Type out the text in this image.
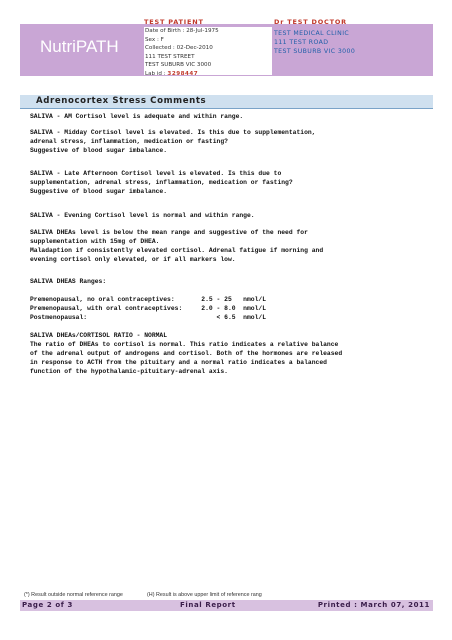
NutriPATH
TEST PATIENT
Date of Birth : 28-Jul-1975
Sex : F
Collected : 02-Dec-2010
111 TEST STREET
TEST SUBURB VIC 3000
Lab id : 3298447
Dr TEST DOCTOR
TEST MEDICAL CLINIC
111 TEST ROAD
TEST SUBURB VIC 3000
Adrenocortex Stress Comments
SALIVA - AM Cortisol level is adequate and within range.
SALIVA - Midday Cortisol level is elevated. Is this due to supplementation,
adrenal stress, inflammation, medication or fasting?
Suggestive of blood sugar imbalance.
SALIVA - Late Afternoon Cortisol level is elevated. Is this due to
supplementation, adrenal stress, inflammation, medication or fasting?
Suggestive of blood sugar imbalance.
SALIVA - Evening Cortisol level is normal and within range.
SALIVA DHEAs level is below the mean range and suggestive of the need for
supplementation with 15mg of DHEA.
Maladaption if consistently elevated cortisol. Adrenal fatigue if morning and
evening cortisol only elevated, or if all markers low.
SALIVA DHEAS Ranges:
Premenopausal, no oral contraceptives:       2.5 - 25   nmol/L
Premenopausal, with oral contraceptives:     2.0 - 8.0  nmol/L
Postmenopausal:                                  < 6.5  nmol/L
SALIVA DHEAs/CORTISOL RATIO - NORMAL
The ratio of DHEAs to cortisol is normal. This ratio indicates a relative balance
of the adrenal output of androgens and cortisol. Both of the hormones are released
in response to ACTH from the pituitary and a normal ratio indicates a balanced
function of the hypothalamic-pituitary-adrenal axis.
(*) Result outside normal reference range	(H) Result is above upper limit of reference rang
Page 2 of 3	Final Report	Printed : March 07, 2011
